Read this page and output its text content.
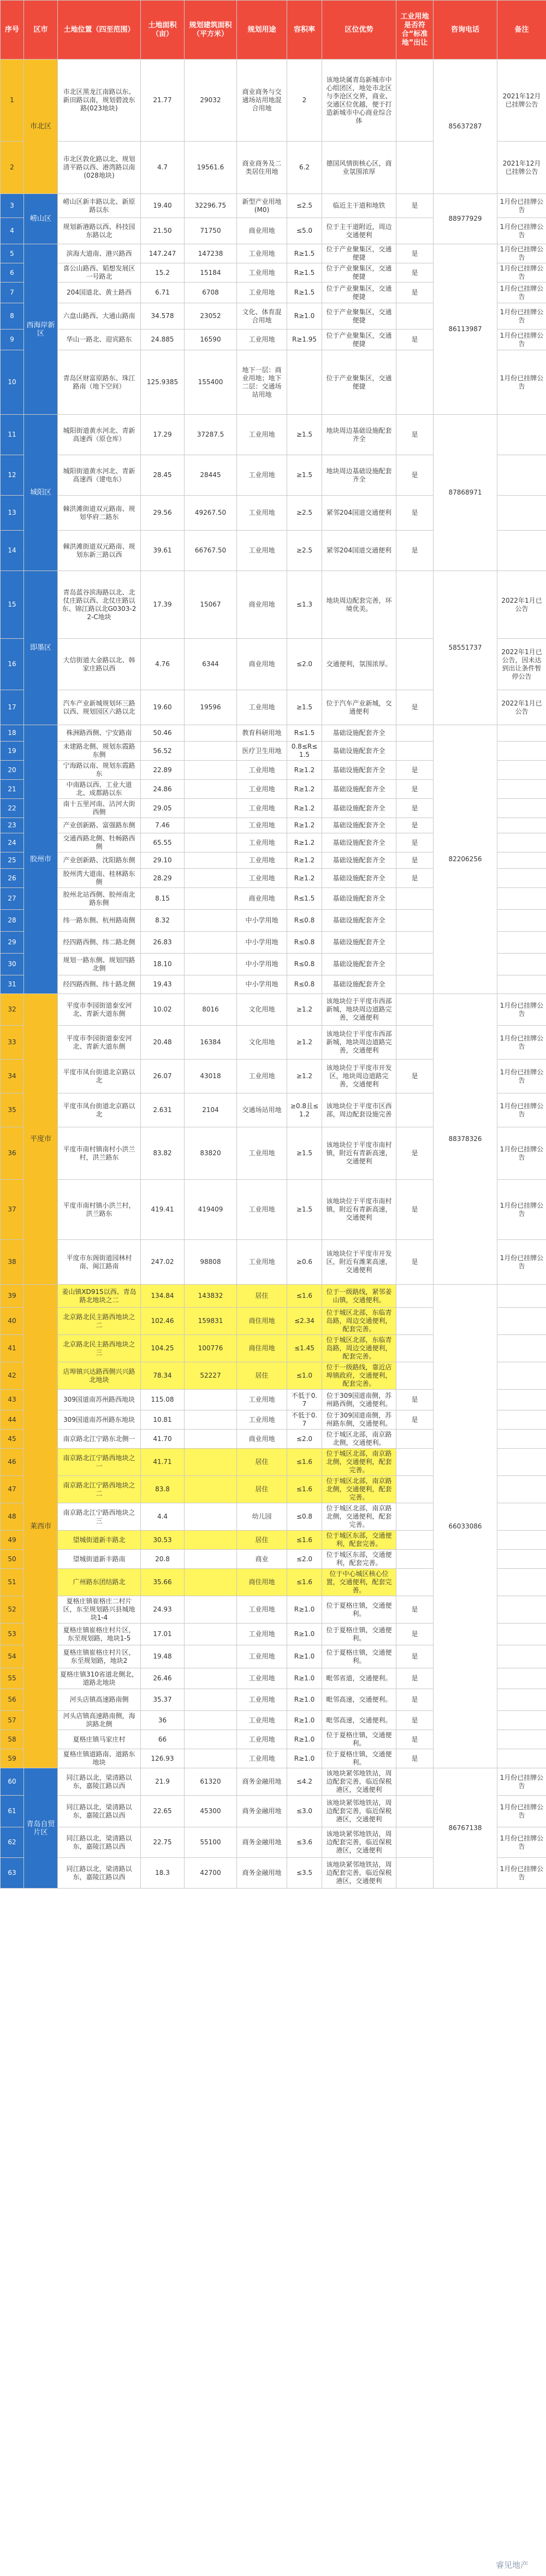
序号	区市	土地位置（四至范围）	土地面积（亩）	规划建筑面积（平方米）	规划用途	容积率	区位优势	工业用地是否符合“标准地”出让	咨询电话	备注
1	市北区	市北区黑龙江南路以东、新田路以南，规划碧波东路(023地块)	21.77	29032	商业商务与交通场站用地混合用地	2	该地块属青岛新城市中心组团区，地处市北区与李沧区交界，商业、交通区位优越，便于打造新城市中心商业综合体		85637287	2021年12月已挂牌公告
2		市北区敦化路以北、规划清平路以西、港湾路以南(028地块)	4.7	19561.6	商业商务及二类居住用地	6.2	德国风情街核心区，商业氛围浓厚			2021年12月已挂牌公告
3	崂山区	崂山区新丰路以北、新原路以东	19.40	32296.75	新型产业用地(M0)	≤2.5	临近主干道和地铁	是	88977929	1月份已挂牌公告
4		规划新港路以西、科技园东路以北	21.50	71750	商业用地	≤5.0	位于主干道附近，周边交通便利			1月份已挂牌公告
5	西海岸新区	滨海大道南、港兴路西	147.247	147238	工业用地	R≥1.5	位于产业聚集区，交通便捷	是	86113987	1月份已挂牌公告
6		喜公山路西、韬想发展区一号路北	15.2	15184	工业用地	R≥1.5	位于产业聚集区，交通便捷	是		1月份已挂牌公告
7		204国道北、黄土路西	6.71	6708	工业用地	R≥1.5	位于产业聚集区，交通便捷	是		1月份已挂牌公告
8		六盘山路西、大通山路南	34.578	23052	文化、体育混合用地	R≥1.0	位于产业聚集区，交通便捷			1月份已挂牌公告
9		华山一路北、迎宾路东	24.885	16590	工业用地	R≥1.95	位于产业聚集区，交通便捷	是		1月份已挂牌公告
10		青岛区财富原路东、珠江路南（地下空间）	125.9385	155400	地下一层：商业用地；地下二层：交通场站用地		位于产业聚集区，交通便捷			1月份已挂牌公告
11	城阳区	城阳街道黄水河北、青新高速西（原仓库）	17.29	37287.5	工业用地	≥1.5	地块周边基础设施配套齐全	是	87868971	
12		城阳街道黄水河北、青新高速西（建电东）	28.45	28445	工业用地	≥1.5	地块周边基础设施配套齐全	是		
13		棘洪滩街道双元路南、规划华府二路东	29.56	49267.50	工业用地	≥2.5	紧邻204国道交通便利	是		
14		棘洪滩街道双元路南、规划东新三路以西	39.61	66767.50	工业用地	≥2.5	紧邻204国道交通便利	是		
15	即墨区	青岛蓝谷滨海路以北、北仗庄路以西、北仗庄路以东、锦江路以北G0303-22-C地块	17.39	15067	商业用地	≤1.3	地块周边配套完善，环境优美。		58551737	2022年1月已公告
16		大信街道大金路以北、韩家庄路以西	4.76	6344	商业用地	≤2.0	交通便利，氛围浓厚。			2022年1月已公告，因未达到出让条件暂停公告
17		汽车产业新城规划环三路以西、规划园区六路以北	19.60	19596	工业用地	≥1.5	位于汽车产业新城，交通便利	是		2022年1月已公告
18	胶州市	株洲路西侧、宁安路南	50.46		教育科研用地	R≤1.5	基础设施配套齐全		82206256	
19		未建路北侧、规划东霞路东侧	56.52		医疗卫生用地	0.8≤R≤1.5	基础设施配套齐全			
20		宁海路以南、规划东霞路东	22.89		工业用地	R≥1.2	基础设施配套齐全	是		
21		中南路以西、工业大道北、成都路以东	24.86		工业用地	R≥1.2	基础设施配套齐全	是		
22		南十五里河南、沽河大街西侧	29.05		工业用地	R≥1.2	基础设施配套齐全	是		
23		产业创新路、富强路东侧	7.46		工业用地	R≥1.2	基础设施配套齐全	是		
24		交通西路北侧、牡畅路西侧	65.55		工业用地	R≥1.2	基础设施配套齐全	是		
25		产业创新路、沈阳路东侧	29.10		工业用地	R≥1.2	基础设施配套齐全	是		
26		胶州湾大道南、桂林路东侧	28.29		工业用地	R≥1.2	基础设施配套齐全	是		
27		胶州北站西侧、胶州南北路东侧	8.15		商业用地	R≤1.5	基础设施配套齐全			
28		纬一路东侧、杭州路南侧	8.32		中小学用地	R≤0.8	基础设施配套齐全			
29		经四路西侧、纬二路北侧	26.83		中小学用地	R≤0.8	基础设施配套齐全			
30		规划一路东侧、规划四路北侧	18.10		中小学用地	R≤0.8	基础设施配套齐全			
31		经四路西侧、纬十路北侧	19.43		中小学用地	R≤0.8	基础设施配套齐全			
32	平度市	平度市李园街道泰安河北、青新大道东侧	10.02	8016	文化用地	≥1.2	该地块位于平度市西部新城，地块周边道路完善，交通便利		88378326	1月份已挂牌公告
33		平度市李园街道泰安河北、青新大道东侧	20.48	16384	文化用地	≥1.2	该地块位于平度市西部新城，地块周边道路完善，交通便利			1月份已挂牌公告
34		平度市凤台街道北京路以北	26.07	43018	工业用地	≥1.2	该地块位于平度市开发区，地块周边道路完善，交通便利	是		1月份已挂牌公告
35		平度市凤台街道北京路以北	2.631	2104	交通场站用地	≥0.8且≤1.2	该地块位于平度市区西部，周边配套设施完善			1月份已挂牌公告
36		平度市南村镇南村小洪兰村，洪兰路东	83.82	83820	工业用地	≥1.5	该地块位于平度市南村镇，附近有青新高速，交通便利	是		1月份已挂牌公告
37		平度市南村镇小洪兰村，洪兰路东	419.41	419409	工业用地	≥1.5	该地块位于平度市南村镇，附近有青新高速，交通便利	是		1月份已挂牌公告
38		平度市东阁街道园林村南、闽江路南	247.02	98808	工业用地	≥0.6	该地块位于平度市开发区，附近有潍莱高速，交通便利	是		1月份已挂牌公告
39	莱西市	姜山镇XD915以西、青岛路北地块之二	134.84	143832	居住	≤1.6	位于一级路线，紧邻姜山镇，交通便利。		66033086	
40		北京路北民主路西地块之二	102.46	159831	商住用地	≤2.34	位于城区北部，东临青岛路，周边交通便利，配套完善。			
41		北京路北民主路西地块之三	104.25	100776	商住用地	≤1.45	位于城区北部，东临青岛路，周边交通便利，配套完善。			
42		店埠镇兴达路西侧兴兴路北地块	78.34	52227	居住	≤1.0	位于一级路线，靠近店埠镇政府，交通便利，配套完善。			
43		309国道南苏州路西地块	115.08		工业用地	不低于0.7	位于309国道南侧，苏州路西侧，交通便利。	是		
44		309国道南苏州路东地块	10.81		工业用地	不低于0.7	位于309国道南侧，苏州路东侧，交通便利。	是		
45		南京路北江宁路东北侧一	41.70		商业用地	≤2.0	位于城区北部，南京路北侧，交通便利。			
46		南京路北江宁路西地块之一	41.71		居住	≤1.6	位于城区北部，南京路北侧，交通便利，配套完善。			
47		南京路北江宁路西地块之二	83.8		居住	≤1.6	位于城区北部，南京路北侧，交通便利，配套完善。			
48		南京路北江宁路西地块之三	4.4		幼儿园	≤0.8	位于城区北部，南京路北侧，交通便利，配套完善。			
49		望城街道新丰路北	30.53		居住	≤1.6	位于城区东部，交通便利，配套完善。			
50		望城街道新丰路南	20.8		商业	≤2.0	位于城区东部，交通便利，配套完善。			
51		广州路东团结路北	35.66		商住用地	≤1.6	位于中心城区核心位置，交通便利，配套完善。			
52		夏格庄镇崔格庄二村片区，东至规划路兴县城地块1-4	24.93		工业用地	R≥1.0	位于夏格庄镇，交通便利。	是		
53		夏格庄镇崔格庄村片区，东至规划路，地块1-5	17.01		工业用地	R≥1.0	位于夏格庄镇，交通便利。	是		
54		夏格庄镇崔格庄村片区，东至规划路，地块2	19.48		工业用地	R≥1.0	位于夏格庄镇，交通便利。	是		
55		夏格庄镇310省道北侧北，道路北地块	26.46		工业用地	R≥1.0	毗邻省道，交通便利。	是		
56		河头店镇高速路南侧	35.37		工业用地	R≥1.0	毗邻高速，交通便利。	是		
57		河头店镇高速路南侧，海滨路北侧	36		工业用地	R≥1.0	毗邻高速，交通便利。	是		
58		夏格庄镇马家庄村	66		工业用地	R≥1.0	位于夏格庄镇，交通便利。	是		
59		夏格庄镇道路南、道路东地块	126.93		工业用地	R≥1.0	位于夏格庄镇，交通便利。	是		
60	青岛自贸片区	同江路以北，梁清路以东，嘉陵江路以西	21.9	61320	商务金融用地	≤4.2	该地块紧邻地铁站，周边配套完善，临近保税港区，交通便利		86767138	1月份已挂牌公告
61		同江路以北，梁清路以东，嘉陵江路以西	22.65	45300	商务金融用地	≤3.0	该地块紧邻地铁站，周边配套完善，临近保税港区，交通便利			1月份已挂牌公告
62		同江路以北，梁清路以东，嘉陵江路以西	22.75	55100	商务金融用地	≤3.6	该地块紧邻地铁站，周边配套完善，临近保税港区，交通便利			1月份已挂牌公告
63		同江路以北，梁清路以东，嘉陵江路以西	18.3	42700	商务金融用地	≤3.5	该地块紧邻地铁站，周边配套完善，临近保税港区，交通便利			1月份已挂牌公告
睿见地产
